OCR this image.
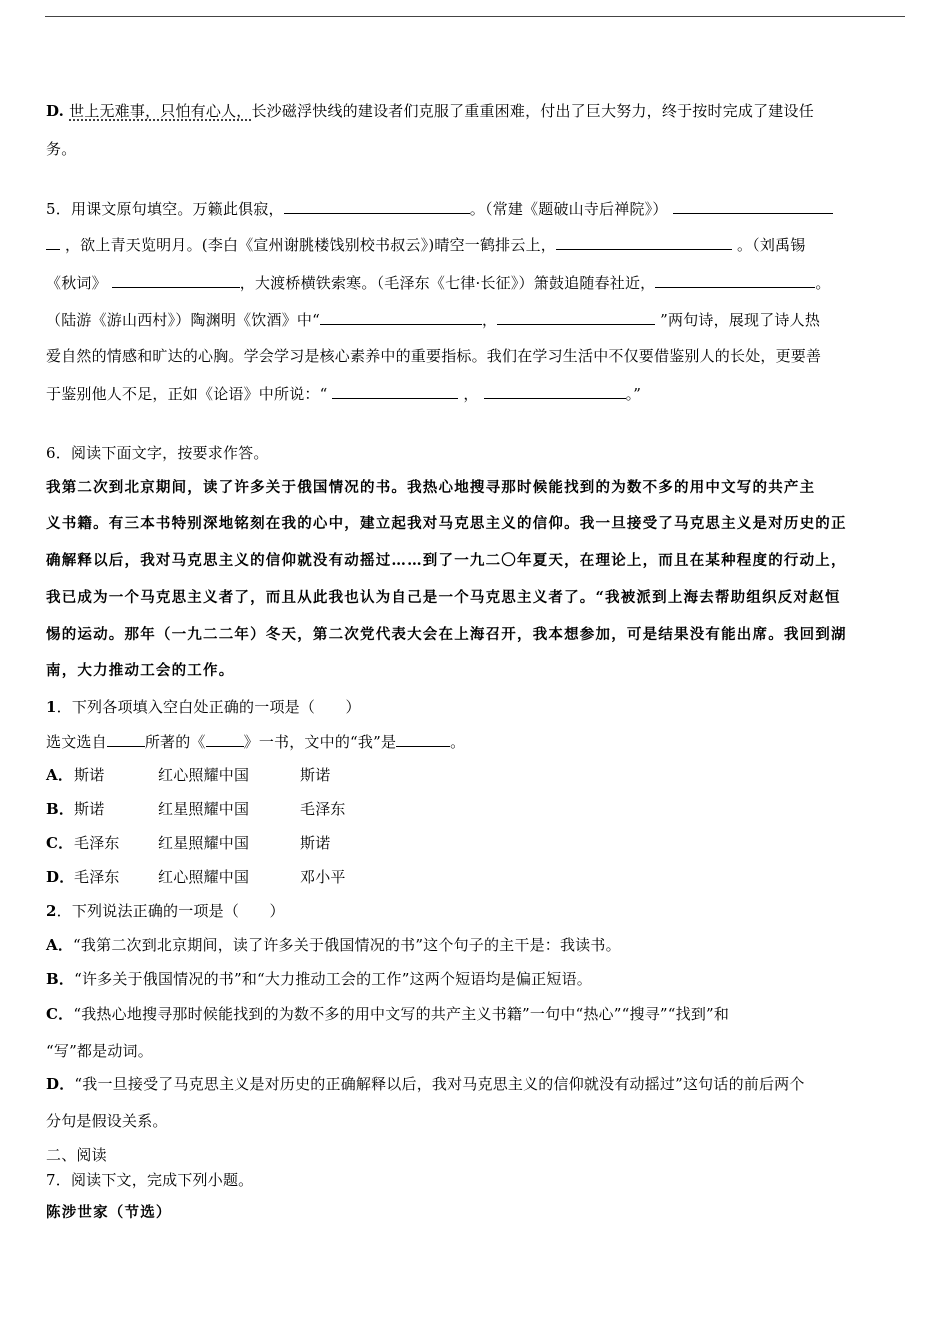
D. 世上无难事，只怕有心人，长沙磁浮快线的建设者们克服了重重困难，付出了巨大努力，终于按时完成了建设任
务。
5．用课文原句填空。万籁此俱寂，	。（常建《题破山寺后禅院》）
，欲上青天览明月。(李白《宣州谢朓楼饯别校书叔云》)晴空一鹤排云上，	。（刘禹锡
《秋词》	，大渡桥横铁索寒。（毛泽东《七律·长征》）箫鼓追随春社近，	。
（陆游《游山西村》）陶渊明《饮酒》中“	，	”两句诗，展现了诗人热
爱自然的情感和旷达的心胸。学会学习是核心素养中的重要指标。我们在学习生活中不仅要借鉴别人的长处，更要善
于鉴别他人不足，正如《论语》中所说：“	，	。”
6．阅读下面文字，按要求作答。
我第二次到北京期间，读了许多关于俄国情况的书。我热心地搜寻那时候能找到的为数不多的用中文写的共产主
义书籍。有三本书特别深地铭刻在我的心中，建立起我对马克思主义的信仰。我一旦接受了马克思主义是对历史的正
确解释以后，我对马克思主义的信仰就没有动摇过……到了一九二〇年夏天，在理论上，而且在某种程度的行动上，
我已成为一个马克思主义者了，而且从此我也认为自己是一个马克思主义者了。“我被派到上海去帮助组织反对赵恒
惕的运动。那年（一九二二年）冬天，第二次党代表大会在上海召开，我本想参加，可是结果没有能出席。我回到湖
南，大力推动工会的工作。
1．下列各项填入空白处正确的一项是（　　）
选文选自	所著的《	》一书，文中的“我”是	。
A．斯诺	红心照耀中国	斯诺
B．斯诺	红星照耀中国	毛泽东
C．毛泽东	红星照耀中国	斯诺
D．毛泽东	红心照耀中国	邓小平
2．下列说法正确的一项是（　　）
A．“我第二次到北京期间，读了许多关于俄国情况的书”这个句子的主干是：我读书。
B．“许多关于俄国情况的书”和“大力推动工会的工作”这两个短语均是偏正短语。
C．“我热心地搜寻那时候能找到的为数不多的用中文写的共产主义书籍”一句中“热心”“搜寻”“找到”和
“写”都是动词。
D．“我一旦接受了马克思主义是对历史的正确解释以后，我对马克思主义的信仰就没有动摇过”这句话的前后两个
分句是假设关系。
二、阅读
7．阅读下文，完成下列小题。
陈涉世家（节选）
